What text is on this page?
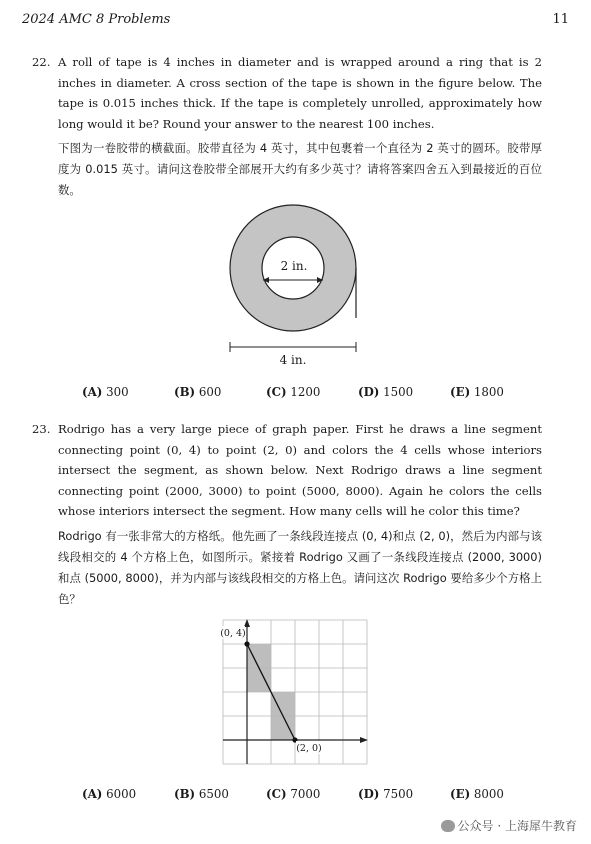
2024 AMC 8 Problems	11
22. A roll of tape is 4 inches in diameter and is wrapped around a ring that is 2 inches in diameter. A cross section of the tape is shown in the figure below. The tape is 0.015 inches thick. If the tape is completely unrolled, approximately how long would it be? Round your answer to the nearest 100 inches.

下图为一卷胶带的横截面。胶带直径为 4 英寸，其中包裹着一个直径为 2 英寸的圆环。胶带厚度为 0.015 英寸。请问这卷胶带全部展开大约有多少英寸？请将答案四舍五入到最接近的百位数。

2 in.
4 in.
(A) 300	(B) 600	(C) 1200	(D) 1500	(E) 1800
23. Rodrigo has a very large piece of graph paper. First he draws a line segment connecting point (0, 4) to point (2, 0) and colors the 4 cells whose interiors intersect the segment, as shown below. Next Rodrigo draws a line segment connecting point (2000, 3000) to point (5000, 8000). Again he colors the cells whose interiors intersect the segment. How many cells will he color this time?

Rodrigo 有一张非常大的方格纸。他先画了一条线段连接点 (0, 4)和点 (2, 0)，然后为内部与该线段相交的 4 个方格上色，如图所示。紧接着 Rodrigo 又画了一条线段连接点 (2000, 3000) 和点 (5000, 8000)，并为内部与该线段相交的方格上色。请问这次 Rodrigo 要给多少个方格上色？

(0, 4)
(2, 0)
(A) 6000	(B) 6500	(C) 7000	(D) 7500	(E) 8000
公众号 · 上海犀牛教育
